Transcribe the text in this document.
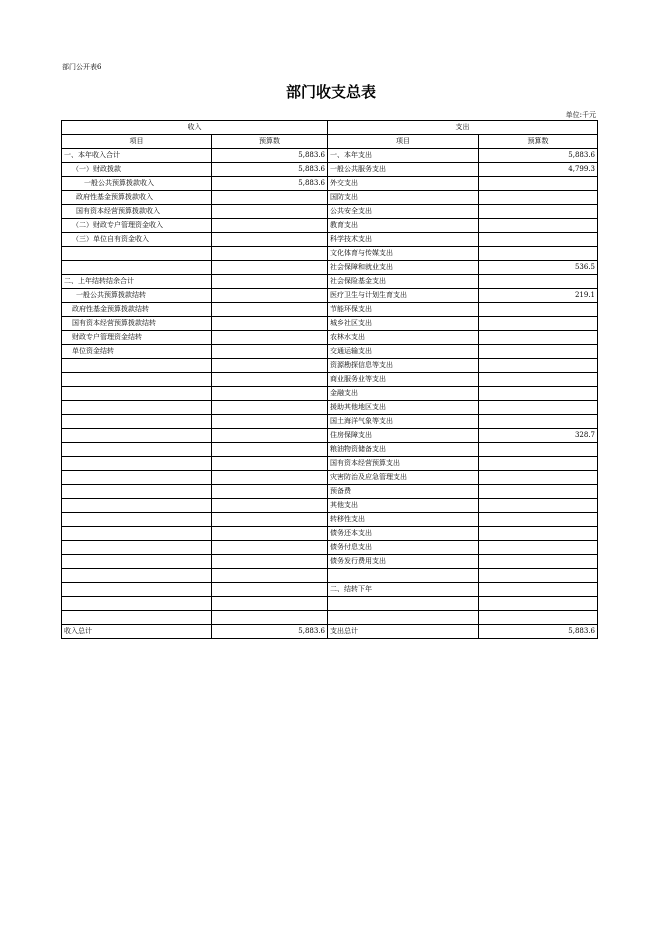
部门公开表6
部门收支总表
单位:千元
收入		支出	
项目	预算数	项目	预算数
一、本年收入合计	5,883.6	一、本年支出	5,883.6
（一）财政拨款	5,883.6	一般公共服务支出	4,799.3
一般公共预算拨款收入	5,883.6	外交支出	
政府性基金预算拨款收入		国防支出	
国有资本经营预算拨款收入		公共安全支出	
（二）财政专户管理资金收入		教育支出	
（三）单位自有资金收入		科学技术支出	
		文化体育与传媒支出	
		社会保障和就业支出	536.5
二、上年结转结余合计		社会保险基金支出	
一般公共预算拨款结转		医疗卫生与计划生育支出	219.1
政府性基金预算拨款结转		节能环保支出	
国有资本经营预算拨款结转		城乡社区支出	
财政专户管理资金结转		农林水支出	
单位资金结转		交通运输支出	
		资源勘探信息等支出	
		商业服务业等支出	
		金融支出	
		援助其他地区支出	
		国土海洋气象等支出	
		住房保障支出	328.7
		粮油物资储备支出	
		国有资本经营预算支出	
		灾害防治及应急管理支出	
		预备费	
		其他支出	
		转移性支出	
		债务还本支出	
		债务付息支出	
		债务发行费用支出	

		二、结转下年	

收入总计	5,883.6	支出总计	5,883.6
